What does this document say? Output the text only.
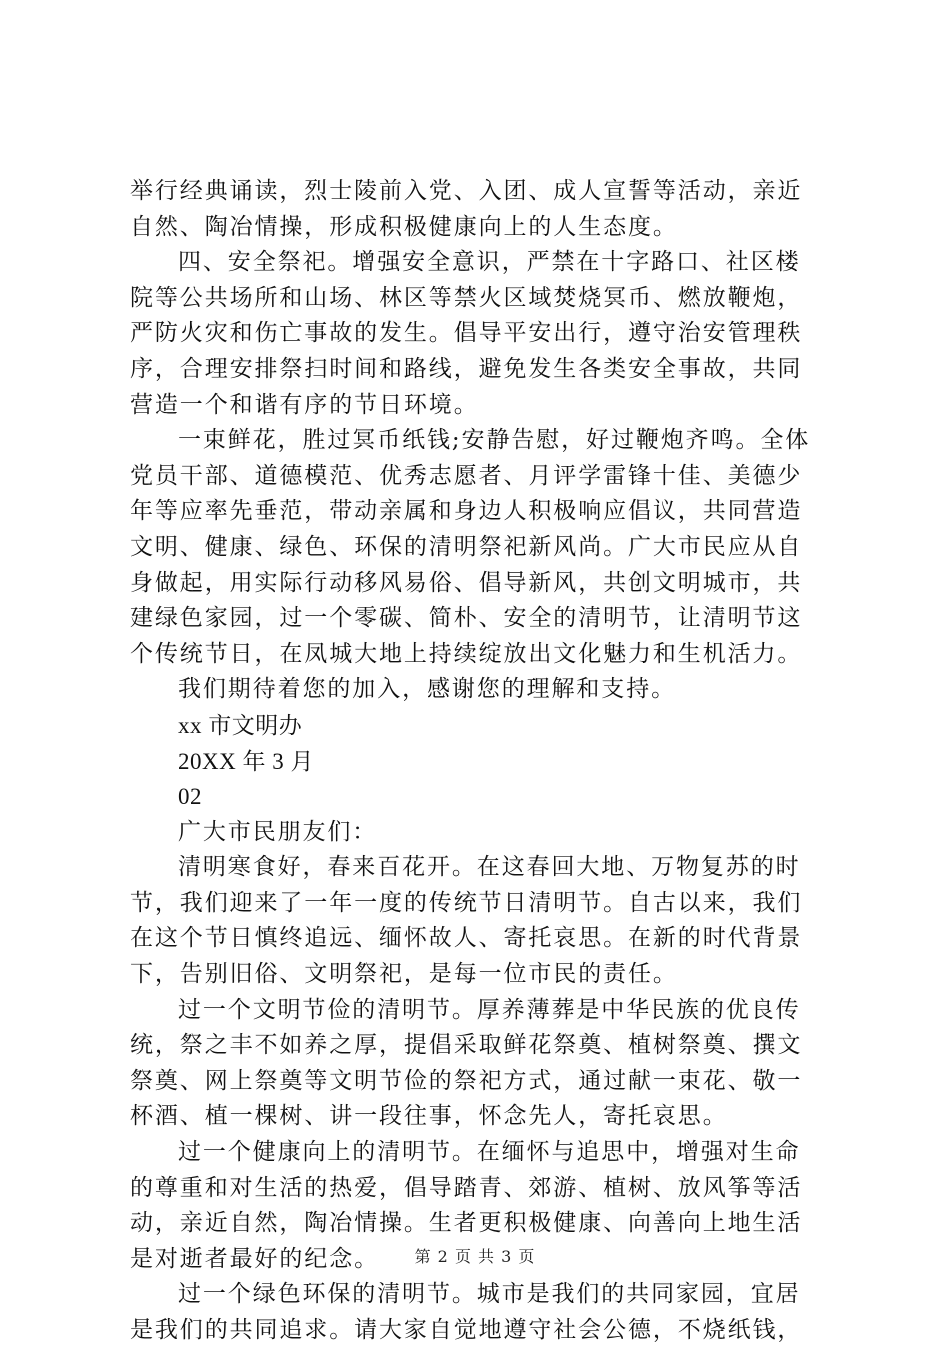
举行经典诵读，烈士陵前入党、入团、成人宣誓等活动，亲近
自然、陶冶情操，形成积极健康向上的人生态度。
四、安全祭祀。增强安全意识，严禁在十字路口、社区楼
院等公共场所和山场、林区等禁火区域焚烧冥币、燃放鞭炮，
严防火灾和伤亡事故的发生。倡导平安出行，遵守治安管理秩
序，合理安排祭扫时间和路线，避免发生各类安全事故，共同
营造一个和谐有序的节日环境。
一束鲜花，胜过冥币纸钱;安静告慰，好过鞭炮齐鸣。全体
党员干部、道德模范、优秀志愿者、月评学雷锋十佳、美德少
年等应率先垂范，带动亲属和身边人积极响应倡议，共同营造
文明、健康、绿色、环保的清明祭祀新风尚。广大市民应从自
身做起，用实际行动移风易俗、倡导新风，共创文明城市，共
建绿色家园，过一个零碳、简朴、安全的清明节，让清明节这
个传统节日，在凤城大地上持续绽放出文化魅力和生机活力。
我们期待着您的加入，感谢您的理解和支持。
xx 市文明办
20XX 年 3 月
02
广大市民朋友们：
清明寒食好，春来百花开。在这春回大地、万物复苏的时
节，我们迎来了一年一度的传统节日清明节。自古以来，我们
在这个节日慎终追远、缅怀故人、寄托哀思。在新的时代背景
下，告别旧俗、文明祭祀，是每一位市民的责任。
过一个文明节俭的清明节。厚养薄葬是中华民族的优良传
统，祭之丰不如养之厚，提倡采取鲜花祭奠、植树祭奠、撰文
祭奠、网上祭奠等文明节俭的祭祀方式，通过献一束花、敬一
杯酒、植一棵树、讲一段往事，怀念先人，寄托哀思。
过一个健康向上的清明节。在缅怀与追思中，增强对生命
的尊重和对生活的热爱，倡导踏青、郊游、植树、放风筝等活
动，亲近自然，陶冶情操。生者更积极健康、向善向上地生活
是对逝者最好的纪念。
过一个绿色环保的清明节。城市是我们的共同家园，宜居
是我们的共同追求。请大家自觉地遵守社会公德，不烧纸钱，
第 2 页 共 3 页
